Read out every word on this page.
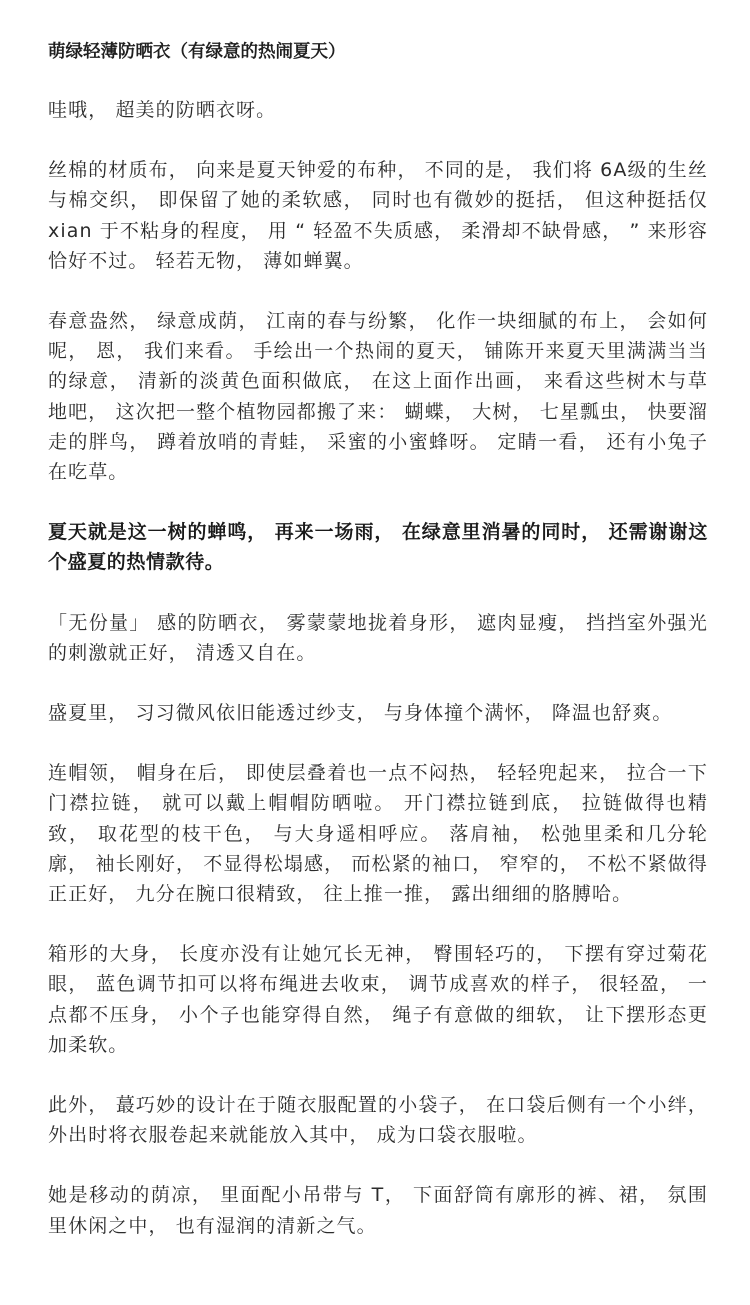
萌绿轻薄防晒衣（有绿意的热闹夏天）
哇哦， 超美的防晒衣呀。
丝棉的材质布， 向来是夏天钟爱的布种， 不同的是， 我们将 6A级的生丝与棉交织， 即保留了她的柔软感， 同时也有微妙的挺括， 但这种挺括仅 xian 于不粘身的程度， 用 “ 轻盈不失质感， 柔滑却不缺骨感， ” 来形容恰好不过。 轻若无物， 薄如蝉翼。
春意盎然， 绿意成荫， 江南的春与纷繁， 化作一块细腻的布上， 会如何呢， 恩， 我们来看。 手绘出一个热闹的夏天， 铺陈开来夏天里满满当当的绿意， 清新的淡黄色面积做底， 在这上面作出画， 来看这些树木与草地吧， 这次把一整个植物园都搬了来： 蝴蝶， 大树， 七星瓢虫， 快要溜走的胖鸟， 蹲着放哨的青蛙， 采蜜的小蜜蜂呀。 定睛一看， 还有小兔子在吃草。
夏天就是这一树的蝉鸣， 再来一场雨， 在绿意里消暑的同时， 还需谢谢这个盛夏的热情款待。
「无份量」 感的防晒衣， 雾蒙蒙地拢着身形， 遮肉显瘦， 挡挡室外强光的刺激就正好， 清透又自在。
盛夏里， 习习微风依旧能透过纱支， 与身体撞个满怀， 降温也舒爽。
连帽领， 帽身在后， 即使层叠着也一点不闷热， 轻轻兜起来， 拉合一下门襟拉链， 就可以戴上帽帽防晒啦。 开门襟拉链到底， 拉链做得也精致， 取花型的枝干色， 与大身遥相呼应。 落肩袖， 松弛里柔和几分轮廓， 袖长刚好， 不显得松塌感， 而松紧的袖口， 窄窄的， 不松不紧做得正正好， 九分在腕口很精致， 往上推一推， 露出细细的胳膊哈。
箱形的大身， 长度亦没有让她冗长无神， 臀围轻巧的， 下摆有穿过菊花眼， 蓝色调节扣可以将布绳进去收束， 调节成喜欢的样子， 很轻盈， 一点都不压身， 小个子也能穿得自然， 绳子有意做的细软， 让下摆形态更加柔软。
此外， 蕞巧妙的设计在于随衣服配置的小袋子， 在口袋后侧有一个小绊， 外出时将衣服卷起来就能放入其中， 成为口袋衣服啦。
她是移动的荫凉， 里面配小吊带与 T， 下面舒筒有廓形的裤、裙， 氛围里休闲之中， 也有湿润的清新之气。
